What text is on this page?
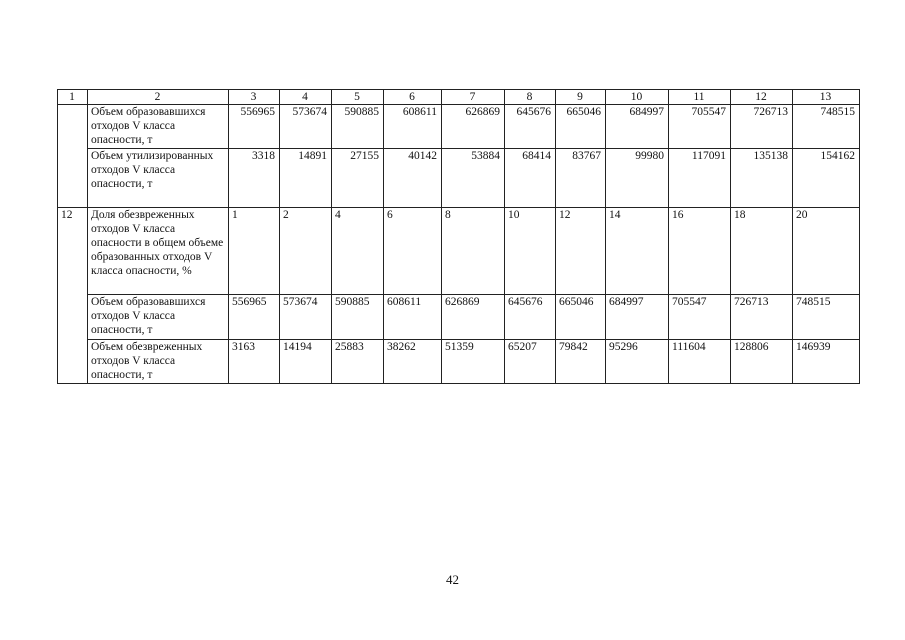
1	2	3	4	5	6	7	8	9	10	11	12	13
	Объем образовавшихся отходов V класса опасности, т	556965	573674	590885	608611	626869	645676	665046	684997	705547	726713	748515
	Объем утилизированных отходов V класса опасности, т	3318	14891	27155	40142	53884	68414	83767	99980	117091	135138	154162
12	Доля обезвреженных отходов V класса опасности в общем объеме образованных отходов V класса опасности, %	1	2	4	6	8	10	12	14	16	18	20
	Объем образовавшихся отходов V класса опасности, т	556965	573674	590885	608611	626869	645676	665046	684997	705547	726713	748515
	Объем обезвреженных отходов V класса опасности, т	3163	14194	25883	38262	51359	65207	79842	95296	111604	128806	146939
42
